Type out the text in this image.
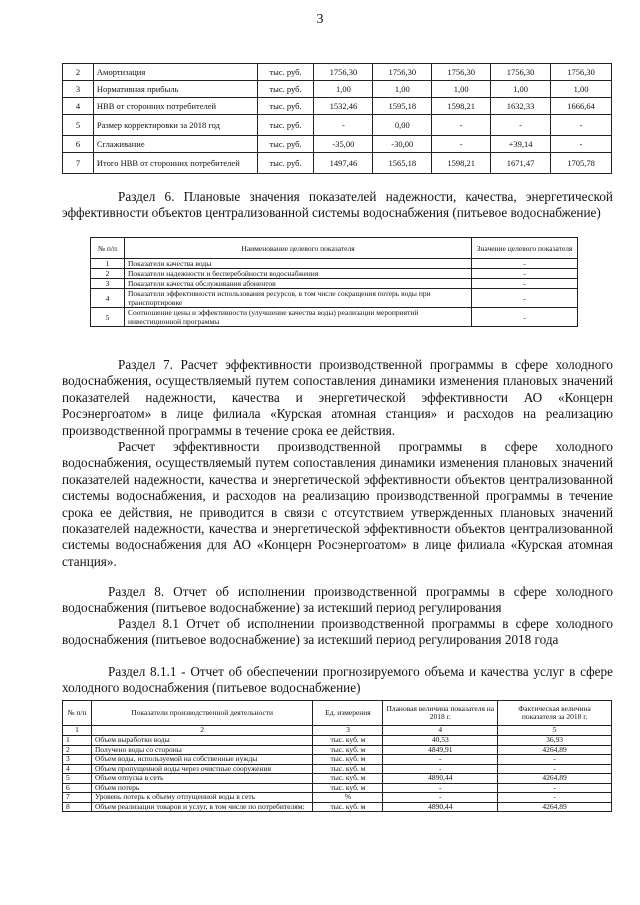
3
2	Амортизация	тыс. руб.	1756,30	1756,30	1756,30	1756,30	1756,30
3	Нормативная прибыль	тыс. руб.	1,00	1,00	1,00	1,00	1,00
4	НВВ от сторонних потребителей	тыс. руб.	1532,46	1595,18	1598,21	1632,33	1666,64
5	Размер корректировки за 2018 год	тыс. руб.	-	0,00	-	-	-
6	Сглаживание	тыс. руб.	-35,00	-30,00	-	+39,14	-
7	Итого НВВ от сторонних потребителей	тыс. руб.	1497,46	1565,18	1598,21	1671,47	1705,78

Раздел 6. Плановые значения показателей надежности, качества, энергетической эффективности объектов централизованной системы водоснабжения (питьевое водоснабжение)

№ п/п	Наименование целевого показателя	Значение целевого показателя
1	Показатели качества воды	-
2	Показатели надежности и бесперебойности водоснабжения	-
3	Показатели качества обслуживания абонентов	-
4	Показатели эффективности использования ресурсов, в том числе сокращения потерь воды при транспортировке	-
5	Соотношение цены и эффективности (улучшение качества воды) реализации мероприятий инвестиционной программы	-

Раздел 7. Расчет эффективности производственной программы в сфере холодного водоснабжения, осуществляемый путем сопоставления динамики изменения плановых значений показателей надежности, качества и энергетической эффективности АО «Концерн Росэнергоатом» в лице филиала «Курская атомная станция» и расходов на реализацию производственной программы в течение срока ее действия.

Расчет эффективности производственной программы в сфере холодного водоснабжения, осуществляемый путем сопоставления динамики изменения плановых значений показателей надежности, качества и энергетической эффективности объектов централизованной системы водоснабжения, и расходов на реализацию производственной программы в течение срока ее действия, не приводится в связи с отсутствием утвержденных плановых значений показателей надежности, качества и энергетической эффективности объектов централизованной системы водоснабжения для АО «Концерн Росэнергоатом» в лице филиала «Курская атомная станция».

Раздел 8. Отчет об исполнении производственной программы в сфере холодного водоснабжения (питьевое водоснабжение) за истекший период регулирования

Раздел 8.1 Отчет об исполнении производственной программы в сфере холодного водоснабжения (питьевое водоснабжение) за истекший период регулирования 2018 года

Раздел 8.1.1 - Отчет об обеспечении прогнозируемого объема и качества услуг в сфере холодного водоснабжения (питьевое водоснабжение)

№ п/п	Показатели производственной деятельности	Ед. измерения	Плановая величина показателя на 2018 г.	Фактическая величина показателя за 2018 г.
1	2	3	4	5
1	Объем выработки воды	тыс. куб. м	40,53	36,93
2	Получено воды со стороны	тыс. куб. м	4849,91	4264,89
3	Объем воды, используемой на собственные нужды	тыс. куб. м	-	-
4	Объем пропущенной воды через очистные сооружения	тыс. куб. м	-	-
5	Объем отпуска в сеть	тыс. куб. м	4890,44	4264,89
6	Объем потерь	тыс. куб. м	-	-
7	Уровень потерь к объему отпущенной воды в сеть	%	-	-
8	Объем реализации товаров и услуг, в том числе по потребителям:	тыс. куб. м	4890,44	4264,89
